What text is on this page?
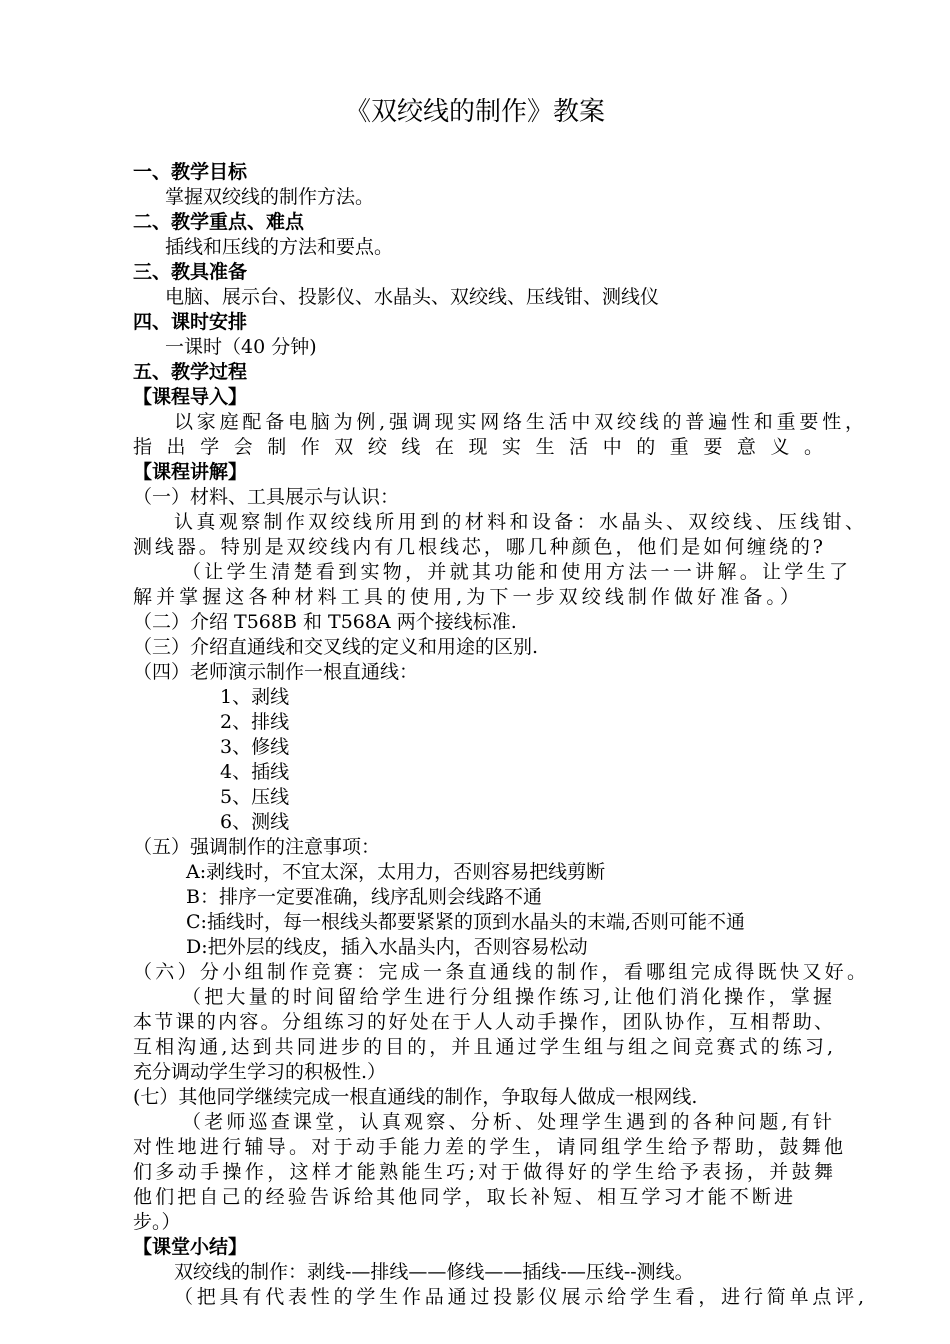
《双绞线的制作》教案
一、教学目标
掌握双绞线的制作方法。
二、教学重点、难点
插线和压线的方法和要点。
三、教具准备
电脑、展示台、投影仪、水晶头、双绞线、压线钳、测线仪
四、课时安排
一课时（40 分钟)
五、教学过程
【课程导入】
以家庭配备电脑为例,强调现实网络生活中双绞线的普遍性和重要性，
指出学会制作双绞线在现实生活中的重要意义。
【课程讲解】
（一）材料、工具展示与认识：
认真观察制作双绞线所用到的材料和设备：水晶头、双绞线、压线钳、
测线器。特别是双绞线内有几根线芯，哪几种颜色，他们是如何缠绕的?
（让学生清楚看到实物，并就其功能和使用方法一一讲解。让学生了
解并掌握这各种材料工具的使用,为下一步双绞线制作做好准备。）
（二）介绍 T568B 和 T568A 两个接线标准.
（三）介绍直通线和交叉线的定义和用途的区别.
（四）老师演示制作一根直通线：
1、剥线
2、排线
3、修线
4、插线
5、压线
6、测线
（五）强调制作的注意事项：
A:剥线时，不宜太深，太用力，否则容易把线剪断
B：排序一定要准确，线序乱则会线路不通
C:插线时，每一根线头都要紧紧的顶到水晶头的末端,否则可能不通
D:把外层的线皮，插入水晶头内，否则容易松动
（六）分小组制作竞赛：完成一条直通线的制作，看哪组完成得既快又好。
（把大量的时间留给学生进行分组操作练习,让他们消化操作，掌握
本节课的内容。分组练习的好处在于人人动手操作，团队协作，互相帮助、
互相沟通,达到共同进步的目的，并且通过学生组与组之间竞赛式的练习,
充分调动学生学习的积极性.）
(七）其他同学继续完成一根直通线的制作，争取每人做成一根网线.
（老师巡查课堂，认真观察、分析、处理学生遇到的各种问题,有针
对性地进行辅导。对于动手能力差的学生，请同组学生给予帮助，鼓舞他
们多动手操作，这样才能熟能生巧;对于做得好的学生给予表扬，并鼓舞
他们把自己的经验告诉给其他同学，取长补短、相互学习才能不断进
步。）
【课堂小结】
双绞线的制作：剥线-—排线——修线——插线-—压线--测线。
（把具有代表性的学生作品通过投影仪展示给学生看，进行简单点评,
